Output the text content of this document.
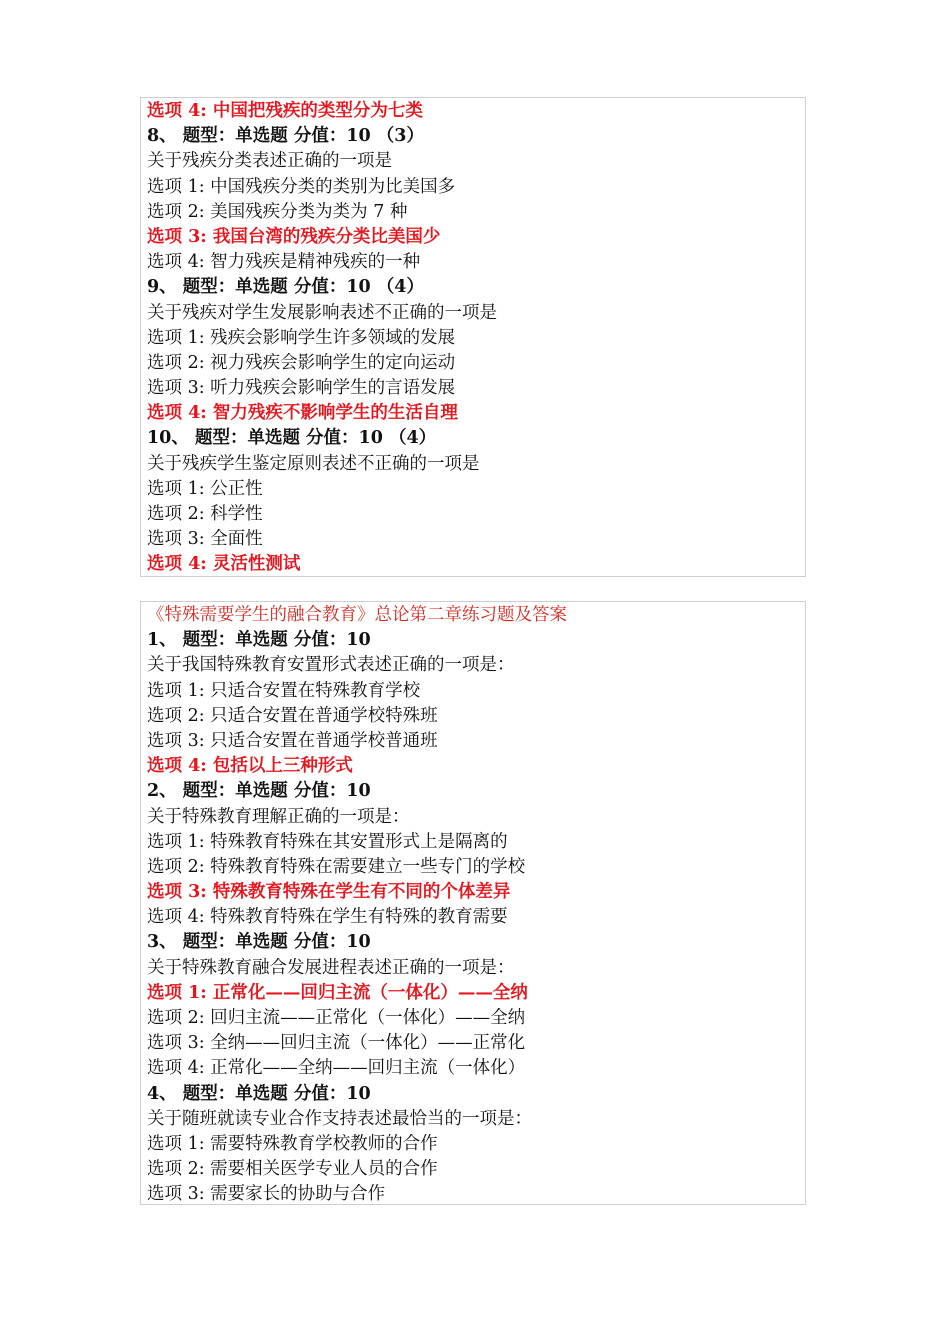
选项 4: 中国把残疾的类型分为七类
8、 题型：单选题 分值：10 （3）
关于残疾分类表述正确的一项是
选项 1: 中国残疾分类的类别为比美国多
选项 2: 美国残疾分类为类为 7 种
选项 3: 我国台湾的残疾分类比美国少
选项 4: 智力残疾是精神残疾的一种
9、 题型：单选题 分值：10 （4）
关于残疾对学生发展影响表述不正确的一项是
选项 1: 残疾会影响学生许多领域的发展
选项 2: 视力残疾会影响学生的定向运动
选项 3: 听力残疾会影响学生的言语发展
选项 4: 智力残疾不影响学生的生活自理
10、 题型：单选题 分值：10 （4）
关于残疾学生鉴定原则表述不正确的一项是
选项 1: 公正性
选项 2: 科学性
选项 3: 全面性
选项 4: 灵活性测试
《特殊需要学生的融合教育》总论第二章练习题及答案
1、 题型：单选题 分值：10
关于我国特殊教育安置形式表述正确的一项是：
选项 1: 只适合安置在特殊教育学校
选项 2: 只适合安置在普通学校特殊班
选项 3: 只适合安置在普通学校普通班
选项 4: 包括以上三种形式
2、 题型：单选题 分值：10
关于特殊教育理解正确的一项是：
选项 1: 特殊教育特殊在其安置形式上是隔离的
选项 2: 特殊教育特殊在需要建立一些专门的学校
选项 3: 特殊教育特殊在学生有不同的个体差异
选项 4: 特殊教育特殊在学生有特殊的教育需要
3、 题型：单选题 分值：10
关于特殊教育融合发展进程表述正确的一项是：
选项 1: 正常化——回归主流（一体化）——全纳
选项 2: 回归主流——正常化（一体化）——全纳
选项 3: 全纳——回归主流（一体化）——正常化
选项 4: 正常化——全纳——回归主流（一体化）
4、 题型：单选题 分值：10
关于随班就读专业合作支持表述最恰当的一项是：
选项 1: 需要特殊教育学校教师的合作
选项 2: 需要相关医学专业人员的合作
选项 3: 需要家长的协助与合作
